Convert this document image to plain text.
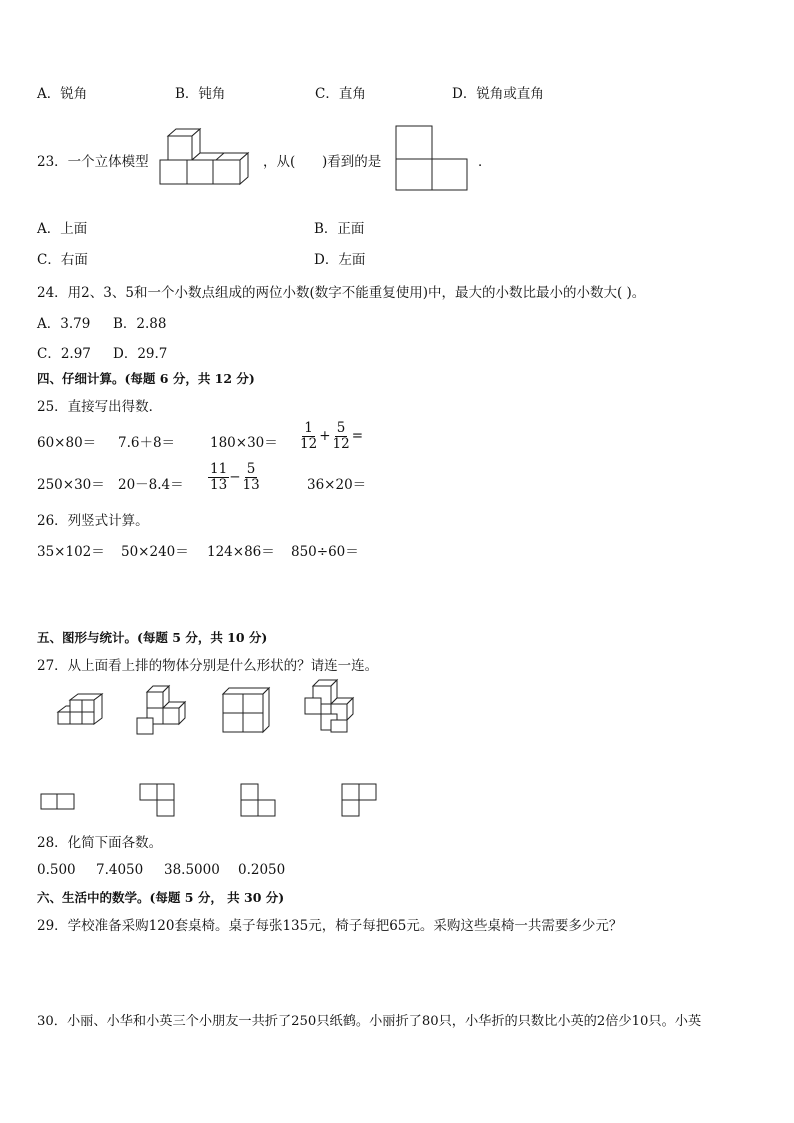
A．锐角	B．钝角	C．直角	D．锐角或直角
23．一个立体模型	，从( )看到的是	．
A．上面	B．正面
C．右面	D．左面
24．用2、3、5和一个小数点组成的两位小数(数字不能重复使用)中，最大的小数比最小的小数大( )。
A．3.79 B．2.88
C．2.97 D．29.7
四、仔细计算。(每题 6 分，共 12 分)
25．直接写出得数．
60×80＝ 7.6＋8＝	$180\times 30= \frac{1}{12} + \frac{5}{12}$ =
$250\times 30= 20-8.4= \frac{11}{13} - \frac{5}{13}$	36×20＝
26．列竖式计算。
35×102＝ 50×240＝ 124×86＝ 850÷60＝
五、图形与统计。(每题 5 分，共 10 分)
27．从上面看上排的物体分别是什么形状的？请连一连。
28．化简下面各数。
0.500 7.4050 38.5000 0.2050
六、生活中的数学。(每题 5 分， 共 30 分)
29．学校准备采购120套桌椅。桌子每张135元，椅子每把65元。采购这些桌椅一共需要多少元？
30．小丽、小华和小英三个小朋友一共折了250只纸鹤。小丽折了80只，小华折的只数比小英的2倍少10只。小英
